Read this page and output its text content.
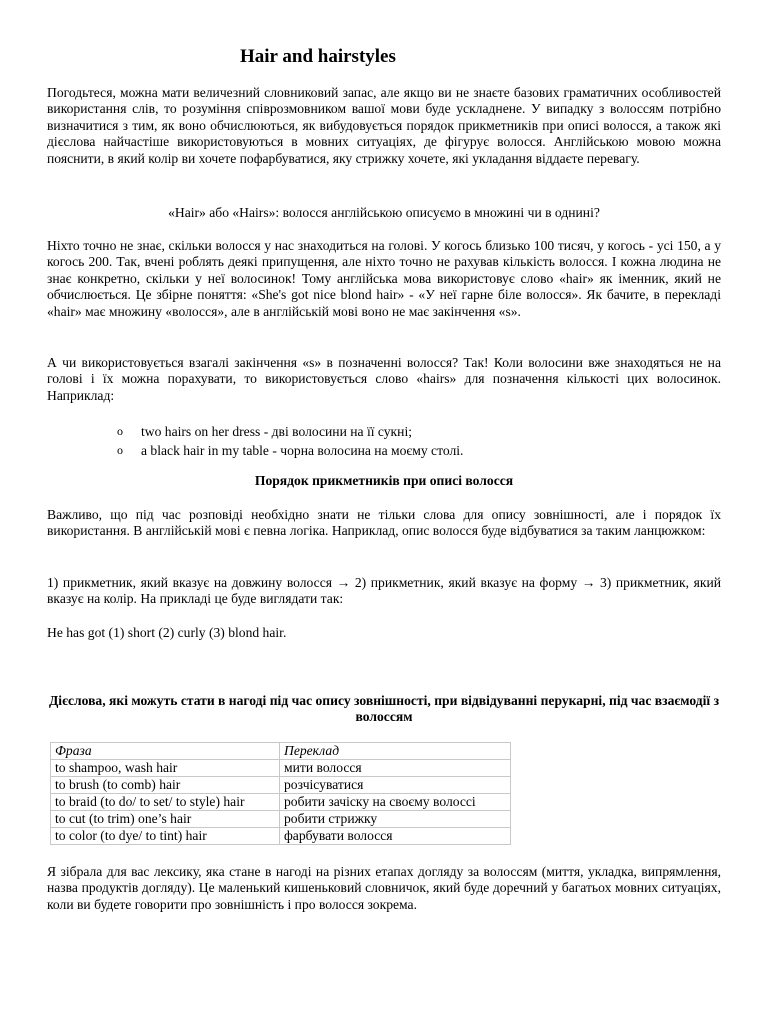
Hair and hairstyles

Погодьтеся, можна мати величезний словниковий запас, але якщо ви не знаєте базових граматичних особливостей використання слів, то розуміння співрозмовником вашої мови буде ускладнене. У випадку з волоссям потрібно визначитися з тим, як воно обчислюються, як вибудовується порядок прикметників при описі волосся, а також які дієслова найчастіше використовуються в мовних ситуаціях, де фігурує волосся. Англійською мовою можна пояснити, в який колір ви хочете пофарбуватися, яку стрижку хочете, які укладання віддаєте перевагу.

«Hair» або «Hairs»: волосся англійською описуємо в множині чи в однині?

Ніхто точно не знає, скільки волосся у нас знаходиться на голові. У когось близько 100 тисяч, у когось - усі 150, а у когось 200. Так, вчені роблять деякі припущення, але ніхто точно не рахував кількість волосся. І кожна людина не знає конкретно, скільки у неї волосинок! Тому англійська мова використовує слово «hair» як іменник, який не обчислюється. Це збірне поняття: «She's got nice blond hair» - «У неї гарне біле волосся». Як бачите, в перекладі «hair» має множину «волосся», але в англійській мові воно не має закінчення «s».

А чи використовується взагалі закінчення «s» в позначенні волосся? Так! Коли волосини вже знаходяться не на голові і їх можна порахувати, то використовується слово «hairs» для позначення кількості цих волосинок. Наприклад:

o two hairs on her dress - дві волосини на її сукні;
o a black hair in my table - чорна волосина на моєму столі.

Порядок прикметників при описі волосся

Важливо, що під час розповіді необхідно знати не тільки слова для опису зовнішності, але і порядок їх використання. В англійській мові є певна логіка. Наприклад, опис волосся буде відбуватися за таким ланцюжком:

1) прикметник, який вказує на довжину волосся → 2) прикметник, який вказує на форму → 3) прикметник, який вказує на колір. На прикладі це буде виглядати так:

He has got (1) short (2) curly (3) blond hair.

Дієслова, які можуть стати в нагоді під час опису зовнішності, при відвідуванні перукарні, під час взаємодії з волоссям

Фраза	Переклад
to shampoo, wash hair	мити волосся
to brush (to comb) hair	розчісуватися
to braid (to do/ to set/ to style) hair	робити зачіску на своєму волоссі
to cut (to trim) one’s hair	робити стрижку
to color (to dye/ to tint) hair	фарбувати волосся

Я зібрала для вас лексику, яка стане в нагоді на різних етапах догляду за волоссям (миття, укладка, випрямлення, назва продуктів догляду). Це маленький кишеньковий словничок, який буде доречний у багатьох мовних ситуаціях, коли ви будете говорити про зовнішність і про волосся зокрема.
